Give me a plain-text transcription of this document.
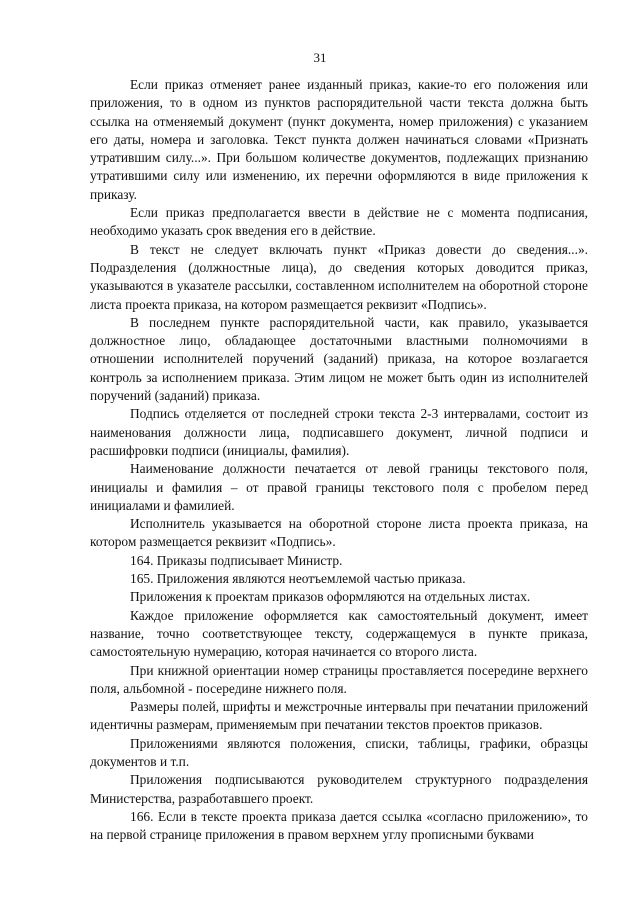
31

Если приказ отменяет ранее изданный приказ, какие-то его положения или приложения, то в одном из пунктов распорядительной части текста должна быть ссылка на отменяемый документ (пункт документа, номер приложения) с указанием его даты, номера и заголовка. Текст пункта должен начинаться словами «Признать утратившим силу...». При большом количестве документов, подлежащих признанию утратившими силу или изменению, их перечни оформляются в виде приложения к приказу.

Если приказ предполагается ввести в действие не с момента подписания, необходимо указать срок введения его в действие.

В текст не следует включать пункт «Приказ довести до сведения...». Подразделения (должностные лица), до сведения которых доводится приказ, указываются в указателе рассылки, составленном исполнителем на оборотной стороне листа проекта приказа, на котором размещается реквизит «Подпись».

В последнем пункте распорядительной части, как правило, указывается должностное лицо, обладающее достаточными властными полномочиями в отношении исполнителей поручений (заданий) приказа, на которое возлагается контроль за исполнением приказа. Этим лицом не может быть один из исполнителей поручений (заданий) приказа.

Подпись отделяется от последней строки текста 2-3 интервалами, состоит из наименования должности лица, подписавшего документ, личной подписи и расшифровки подписи (инициалы, фамилия).

Наименование должности печатается от левой границы текстового поля, инициалы и фамилия – от правой границы текстового поля с пробелом перед инициалами и фамилией.

Исполнитель указывается на оборотной стороне листа проекта приказа, на котором размещается реквизит «Подпись».

164. Приказы подписывает Министр.

165. Приложения являются неотъемлемой частью приказа.

Приложения к проектам приказов оформляются на отдельных листах.

Каждое приложение оформляется как самостоятельный документ, имеет название, точно соответствующее тексту, содержащемуся в пункте приказа, самостоятельную нумерацию, которая начинается со второго листа.

При книжной ориентации номер страницы проставляется посередине верхнего поля, альбомной - посередине нижнего поля.

Размеры полей, шрифты и межстрочные интервалы при печатании приложений идентичны размерам, применяемым при печатании текстов проектов приказов.

Приложениями являются положения, списки, таблицы, графики, образцы документов и т.п.

Приложения подписываются руководителем структурного подразделения Министерства, разработавшего проект.

166. Если в тексте проекта приказа дается ссылка «согласно приложению», то на первой странице приложения в правом верхнем углу прописными буквами
